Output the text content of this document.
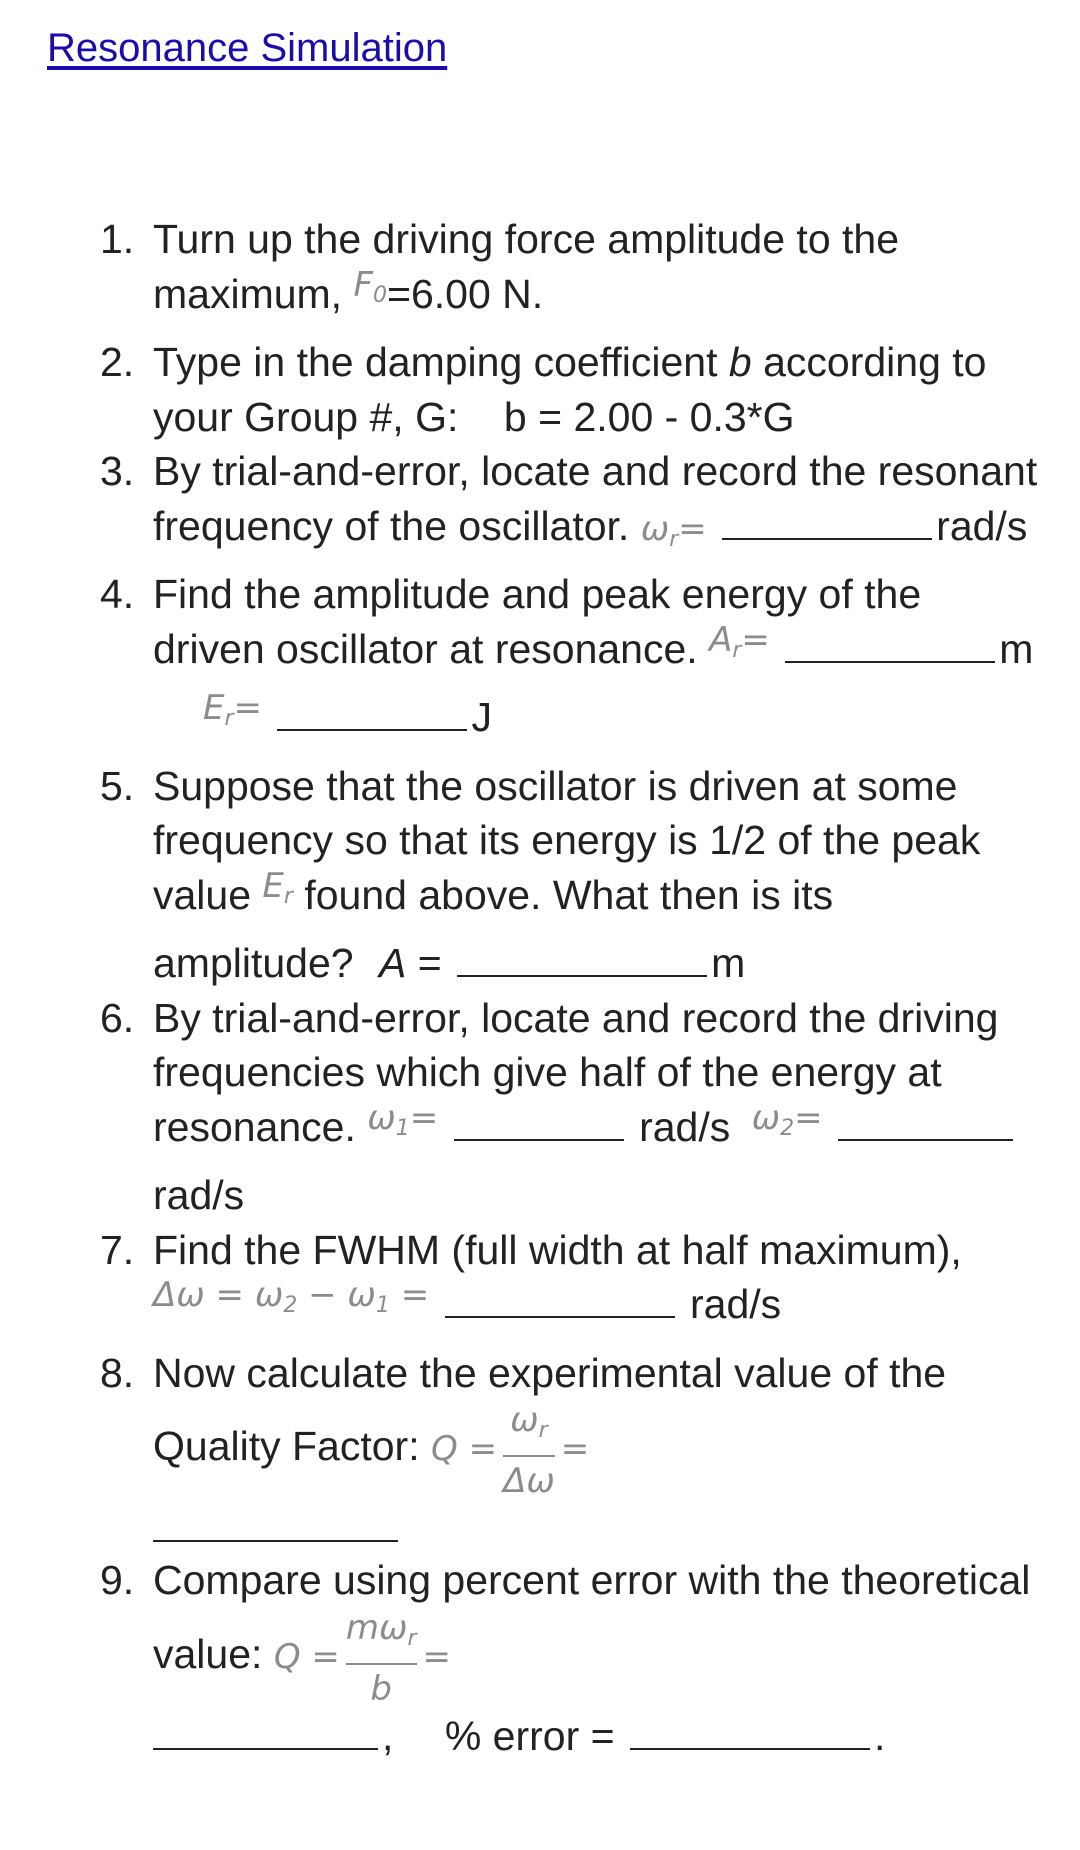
Resonance Simulation
1. Turn up the driving force amplitude to the maximum, $^{F_0}$=6.00 N.
2. Type in the damping coefficient b according to your Group #, G:    b = 2.00 - 0.3*G
3. By trial-and-error, locate and record the resonant frequency of the oscillator. $\omega_r=$	rad/s
4. Find the amplitude and peak energy of the driven oscillator at resonance. $^{A_r=}$	m $^{E_r=}$	J
5. Suppose that the oscillator is driven at some frequency so that its energy is 1/2 of the peak value $^{E_r}$ found above. What then is its amplitude? A =	m
6. By trial-and-error, locate and record the driving frequencies which give half of the energy at resonance. $^{\omega_1=}$	rad/s $^{\omega_2=}$ rad/s
7. Find the FWHM (full width at half maximum), $^{\Delta\omega = \omega_2 - \omega_1 =}$	rad/s
8. Now calculate the experimental value of the Quality Factor: $Q = \frac{\omega_r}{\Delta\omega}$ =
9. Compare using percent error with the theoretical value: $Q = \frac{m\omega_r}{b}$ =
, % error =	.
